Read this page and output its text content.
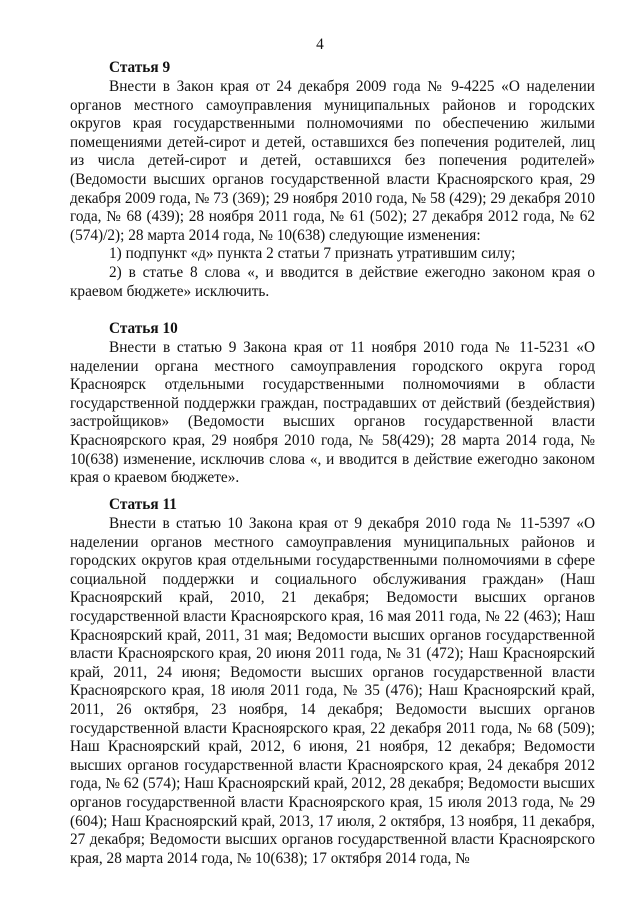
4
Статья 9

Внести в Закон края от 24 декабря 2009 года № 9-4225 «О наделении органов местного самоуправления муниципальных районов и городских округов края государственными полномочиями по обеспечению жилыми помещениями детей-сирот и детей, оставшихся без попечения родителей, лиц из числа детей-сирот и детей, оставшихся без попечения родителей» (Ведомости высших органов государственной власти Красноярского края, 29 декабря 2009 года, № 73 (369); 29 ноября 2010 года, № 58 (429); 29 декабря 2010 года, № 68 (439); 28 ноября 2011 года, № 61 (502); 27 декабря 2012 года, № 62 (574)/2); 28 марта 2014 года, № 10(638) следующие изменения:

1) подпункт «д» пункта 2 статьи 7 признать утратившим силу;

2) в статье 8 слова «, и вводится в действие ежегодно законом края о краевом бюджете» исключить.

Статья 10

Внести в статью 9 Закона края от 11 ноября 2010 года № 11-5231 «О наделении органа местного самоуправления городского округа город Красноярск отдельными государственными полномочиями в области государственной поддержки граждан, пострадавших от действий (бездействия) застройщиков» (Ведомости высших органов государственной власти Красноярского края, 29 ноября 2010 года, № 58(429); 28 марта 2014 года, № 10(638) изменение, исключив слова «, и вводится в действие ежегодно законом края о краевом бюджете».

Статья 11

Внести в статью 10 Закона края от 9 декабря 2010 года № 11-5397 «О наделении органов местного самоуправления муниципальных районов и городских округов края отдельными государственными полномочиями в сфере социальной поддержки и социального обслуживания граждан» (Наш Красноярский край, 2010, 21 декабря; Ведомости высших органов государственной власти Красноярского края, 16 мая 2011 года, № 22 (463); Наш Красноярский край, 2011, 31 мая; Ведомости высших органов государственной власти Красноярского края, 20 июня 2011 года, № 31 (472); Наш Красноярский край, 2011, 24 июня; Ведомости высших органов государственной власти Красноярского края, 18 июля 2011 года, № 35 (476); Наш Красноярский край, 2011, 26 октября, 23 ноября, 14 декабря; Ведомости высших органов государственной власти Красноярского края, 22 декабря 2011 года, № 68 (509); Наш Красноярский край, 2012, 6 июня, 21 ноября, 12 декабря; Ведомости высших органов государственной власти Красноярского края, 24 декабря 2012 года, № 62 (574); Наш Красноярский край, 2012, 28 декабря; Ведомости высших органов государственной власти Красноярского края, 15 июля 2013 года, № 29 (604); Наш Красноярский край, 2013, 17 июля, 2 октября, 13 ноября, 11 декабря, 27 декабря; Ведомости высших органов государственной власти Красноярского края, 28 марта 2014 года, № 10(638); 17 октября 2014 года, №
